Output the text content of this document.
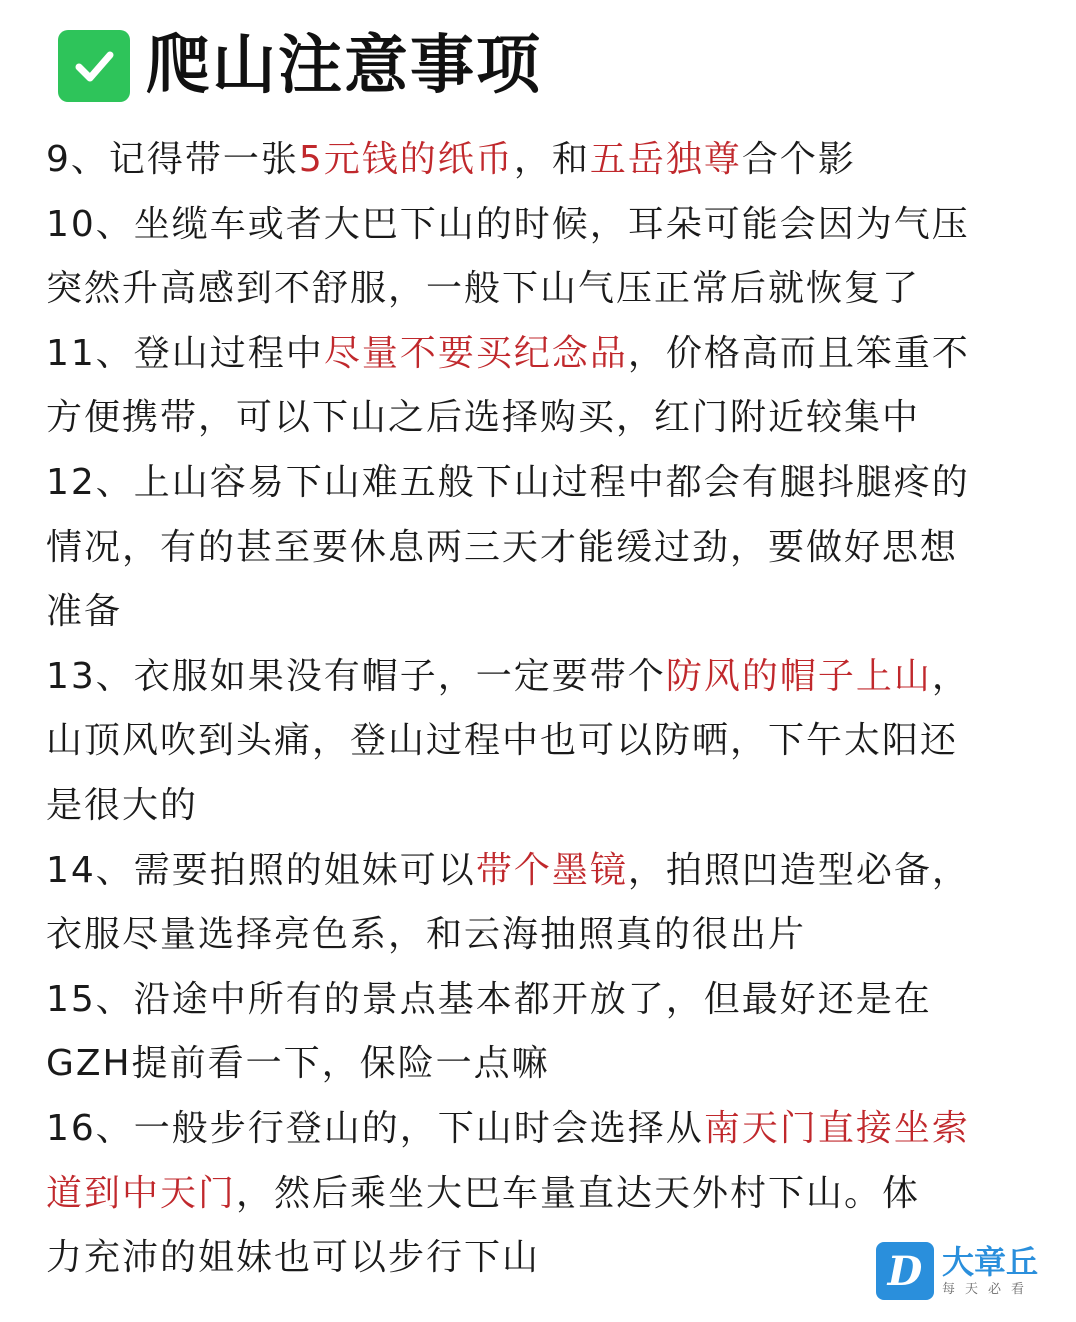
爬山注意事项
9、记得带一张5元钱的纸币，和五岳独尊合个影
10、坐缆车或者大巴下山的时候，耳朵可能会因为气压
突然升高感到不舒服，一般下山气压正常后就恢复了
11、登山过程中尽量不要买纪念品，价格高而且笨重不
方便携带，可以下山之后选择购买，红门附近较集中
12、上山容易下山难五般下山过程中都会有腿抖腿疼的
情况，有的甚至要休息两三天才能缓过劲，要做好思想
准备
13、衣服如果没有帽子，一定要带个防风的帽子上山，
山顶风吹到头痛，登山过程中也可以防晒，下午太阳还
是很大的
14、需要拍照的姐妹可以带个墨镜，拍照凹造型必备，
衣服尽量选择亮色系，和云海抽照真的很出片
15、沿途中所有的景点基本都开放了，但最好还是在
GZH提前看一下，保险一点嘛
16、一般步行登山的，下山时会选择从南天门直接坐索
道到中天门，然后乘坐大巴车量直达天外村下山。体
力充沛的姐妹也可以步行下山	D 大章丘
每天必看
